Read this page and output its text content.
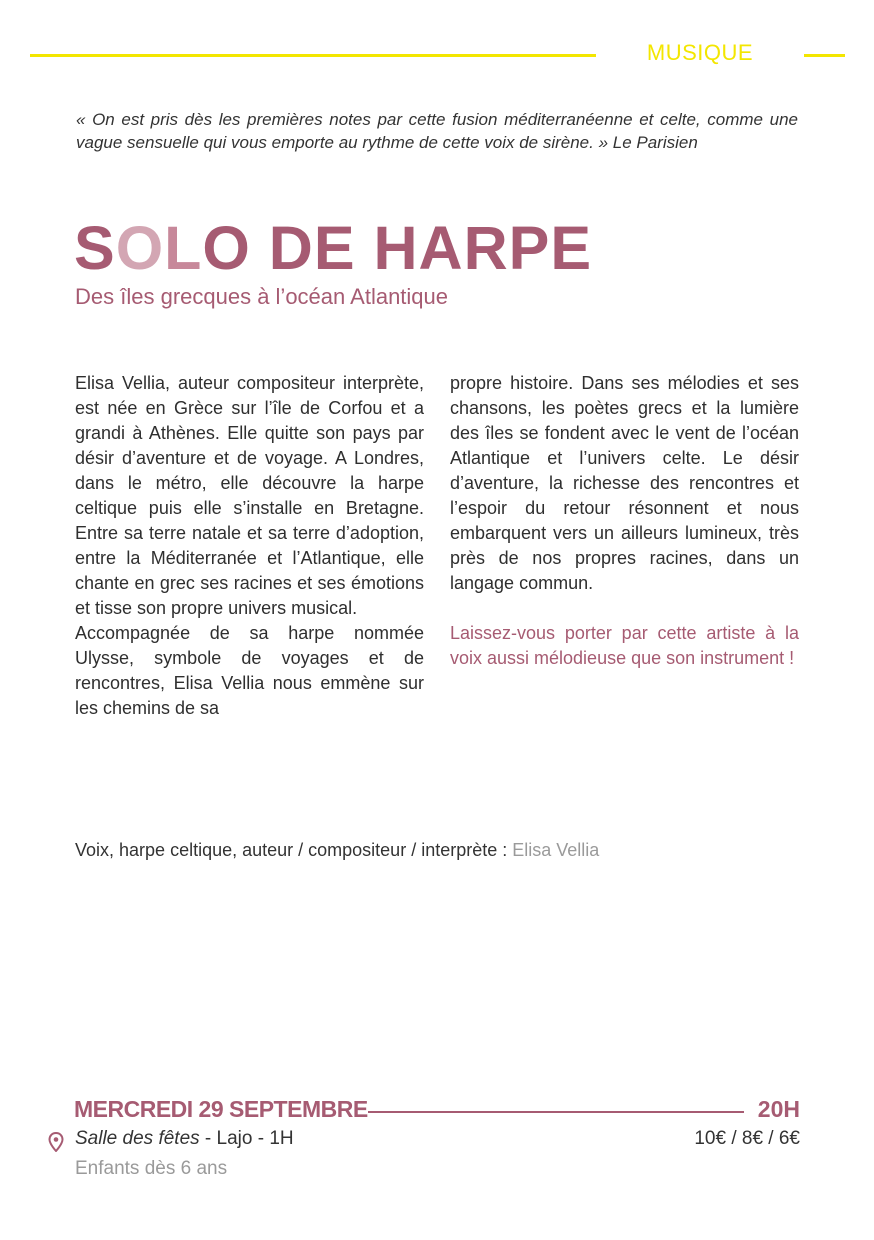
MUSIQUE
« On est pris dès les premières notes par cette fusion méditerranéenne et celte, comme une vague sensuelle qui vous emporte au rythme de cette voix de sirène. » Le Parisien
SOLO DE HARPE
Des îles grecques à l’océan Atlantique

Elisa Vellia, auteur compositeur interprète, est née en Grèce sur l’île de Corfou et a grandi à Athènes. Elle quitte son pays par désir d’aventure et de voyage. A Londres, dans le métro, elle découvre la harpe celtique puis elle s’installe en Bretagne. Entre sa terre natale et sa terre d’adoption, entre la Méditerranée et l’Atlantique, elle chante en grec ses racines et ses émotions et tisse son propre univers musical.

Accompagnée de sa harpe nommée Ulysse, symbole de voyages et de rencontres, Elisa Vellia nous emmène sur les chemins de sa

propre histoire. Dans ses mélodies et ses chansons, les poètes grecs et la lumière des îles se fondent avec le vent de l’océan Atlantique et l’univers celte. Le désir d’aventure, la richesse des rencontres et l’espoir du retour résonnent et nous embarquent vers un ailleurs lumineux, très près de nos propres racines, dans un langage commun.

Laissez-vous porter par cette artiste à la voix aussi mélodieuse que son instrument !

Voix, harpe celtique, auteur / compositeur / interprète : Elisa Vellia
MERCREDI 29 SEPTEMBRE	20H
Salle des fêtes - Lajo - 1H	10€ / 8€ / 6€
Enfants dès 6 ans
